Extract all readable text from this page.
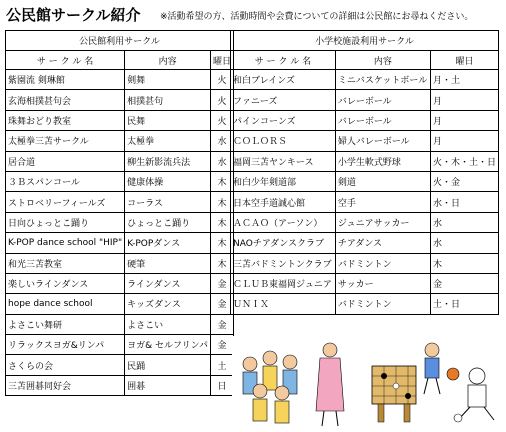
公民館サークル紹介 ※活動希望の方、活動時間や会費についての詳細は公民館にお尋ねください。
公民館利用サークル		
サ ー ク ル 名	内容	曜日
紫園流 剣琳館	剣舞	火
玄海相撲甚句会	相撲甚句	火
珠舞おどり教室	民舞	火
太極拳三苫サークル	太極拳	水
居合道	柳生新影流兵法	水
３Ｂスパンコール	健康体操	木
ストロベリーフィールズ	コーラス	木
日向ひょっとこ踊り	ひょっとこ踊り	木
K-POP dance school "HIP"	K-POPダンス	木
和光三苫教室	硬筆	木
楽しいラインダンス	ラインダンス	金
hope dance school	キッズダンス	金
よさこい舞研	よさこい	金
リラックスヨガ&リンパ	ヨガ& セルフリンパ	金
さくらの会	民踊	土
三苫囲碁同好会	囲碁	日
小学校施設利用サークル		
サ ー ク ル 名	内容	曜日
和白ブレインズ	ミニバスケットボール	月・土
ファニーズ	バレーボール	月
パインコーンズ	バレーボール	月
ＣＯＬＯＲＳ	婦人バレーボール	月
福岡三苫ヤンキース	小学生軟式野球	火・木・土・日
和白少年剣道部	剣道	火・金
日本空手道誠心館	空手	水・日
ＡＣＡＯ（アーソン）	ジュニアサッカー	水
NAOチアダンスクラブ	チアダンス	水
三苫バドミントンクラブ	バドミントン	木
ＣＬＵＢ東福岡ジュニア	サッカー	金
ＵＮＩＸ	バドミントン	土・日
